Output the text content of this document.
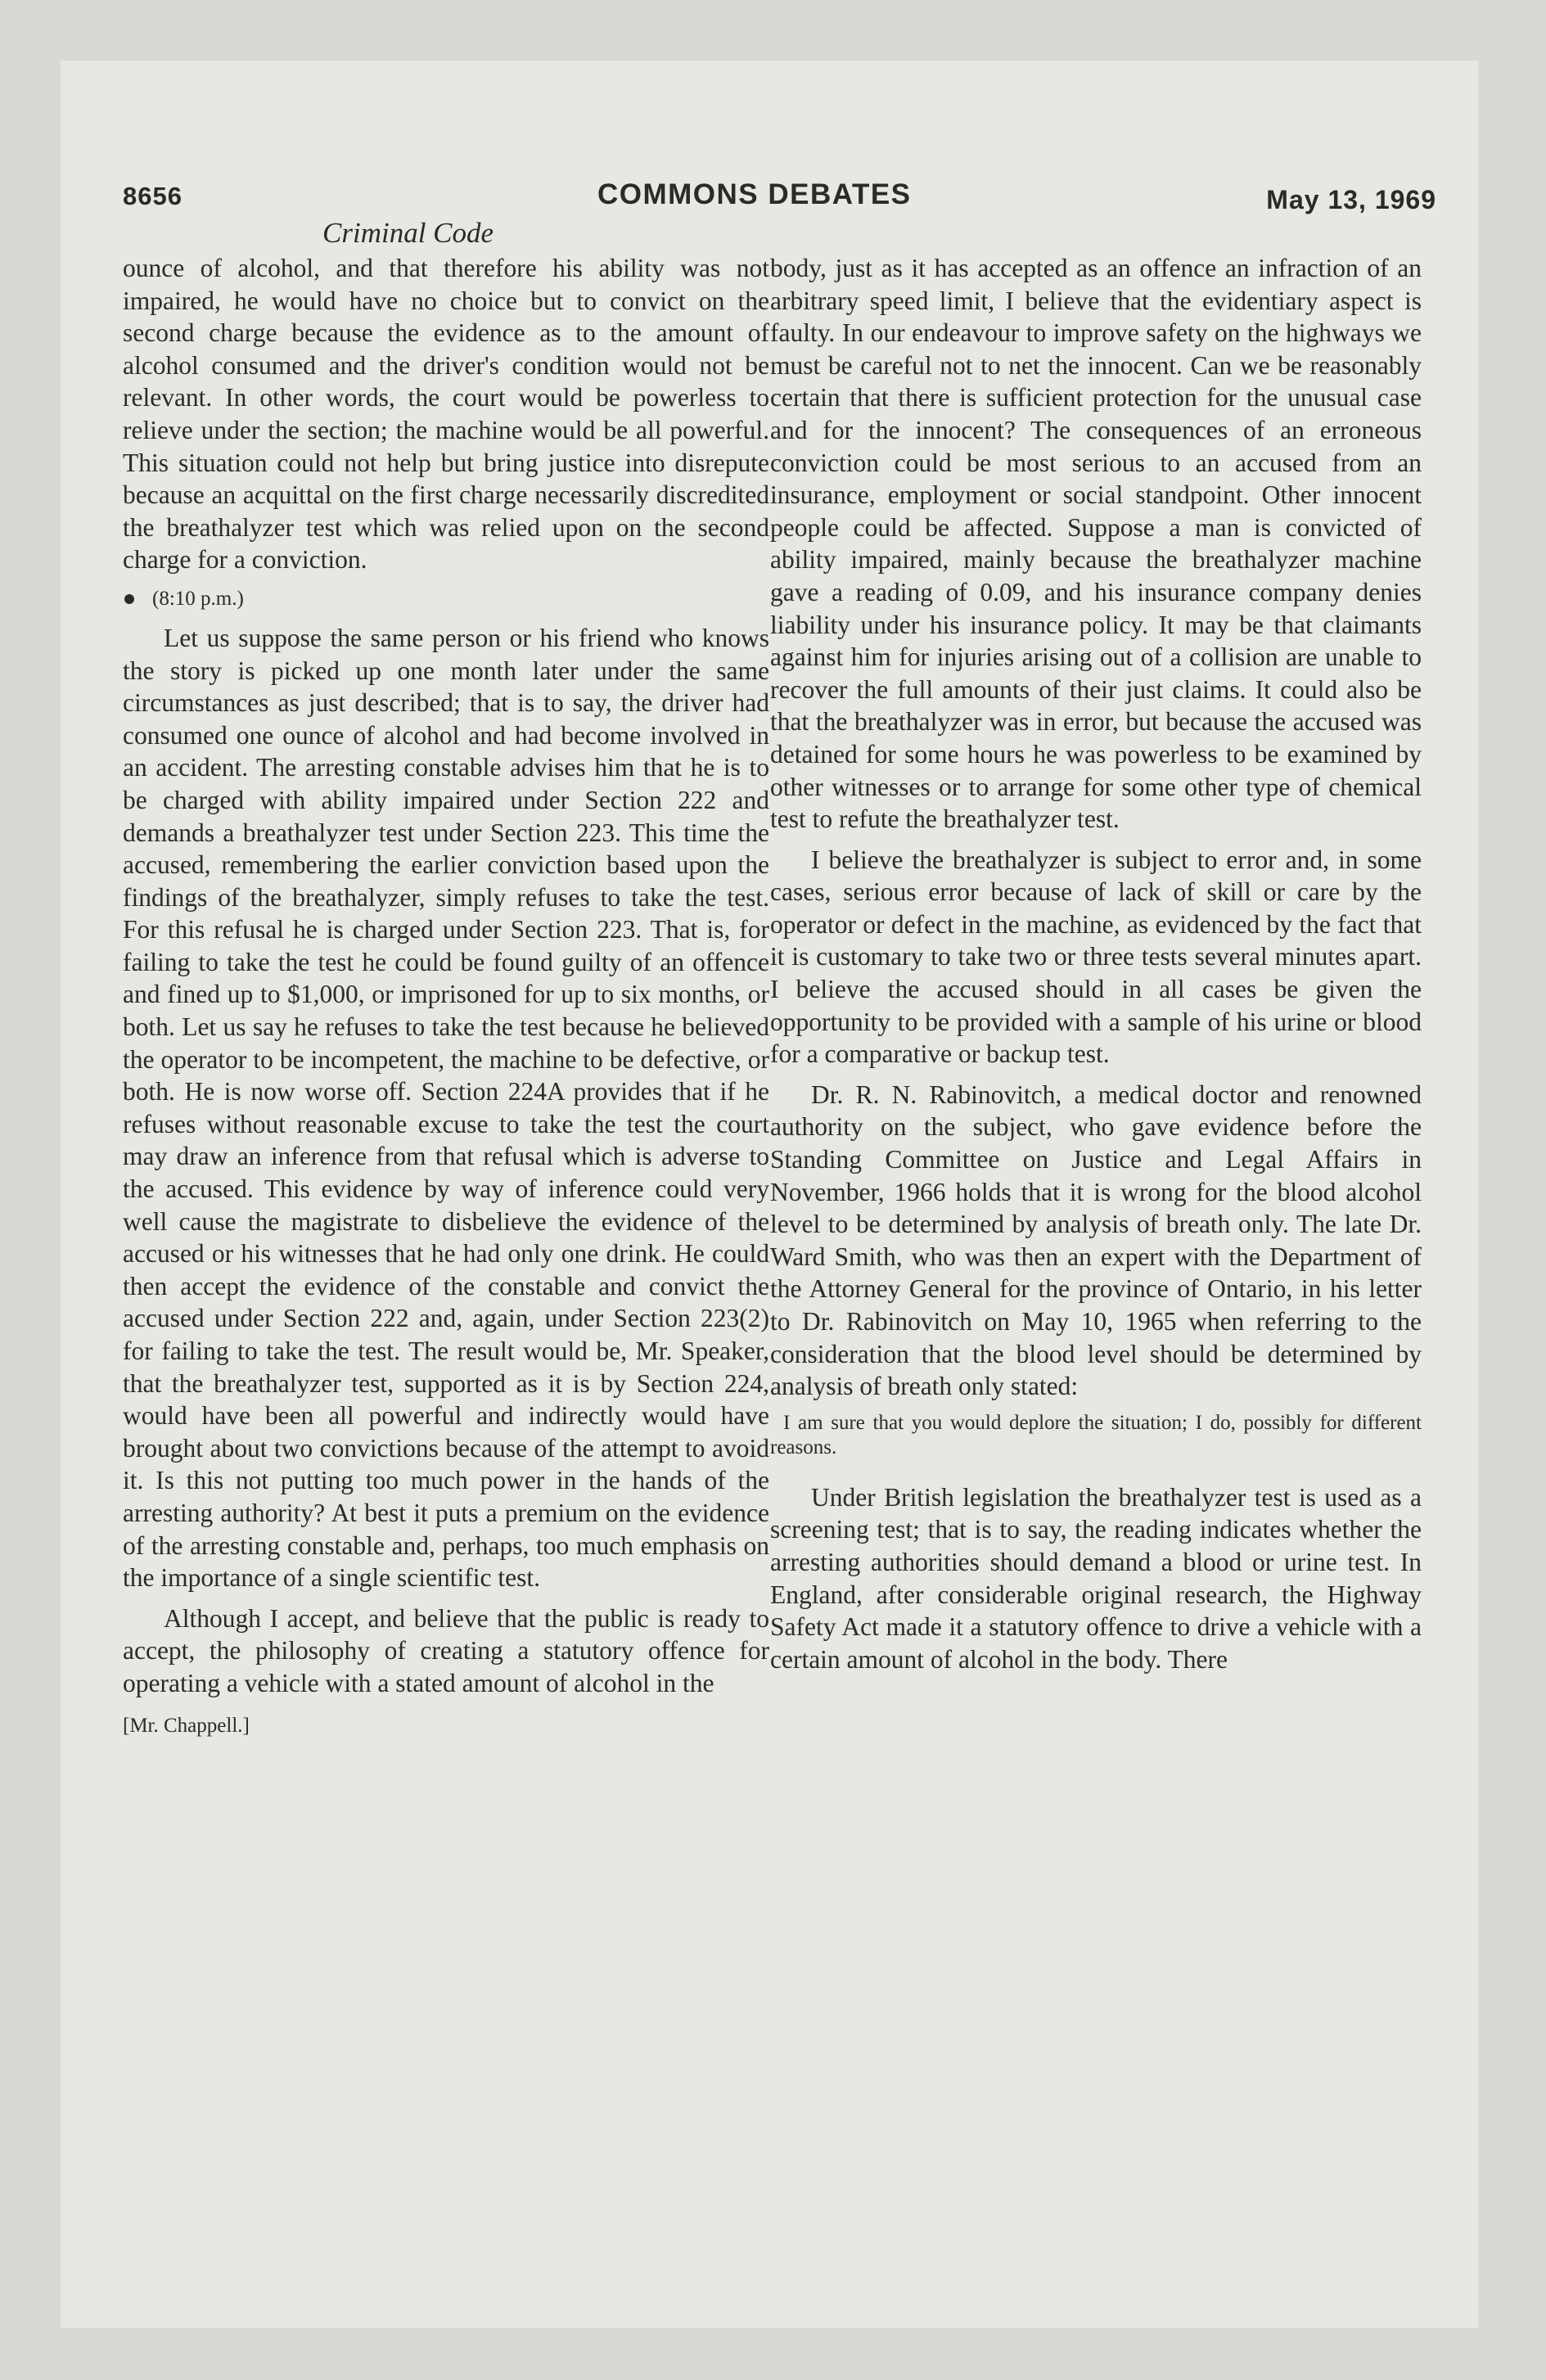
8656	COMMONS DEBATES	May 13, 1969
Criminal Code

ounce of alcohol, and that therefore his ability was not impaired, he would have no choice but to convict on the second charge because the evidence as to the amount of alcohol consumed and the driver's condition would not be relevant. In other words, the court would be powerless to relieve under the section; the machine would be all powerful. This situation could not help but bring justice into disrepute because an acquittal on the first charge necessarily discredited the breathalyzer test which was relied upon on the second charge for a conviction.

(8:10 p.m.)

Let us suppose the same person or his friend who knows the story is picked up one month later under the same circumstances as just described; that is to say, the driver had consumed one ounce of alcohol and had become involved in an accident. The arresting constable advises him that he is to be charged with ability impaired under Section 222 and demands a breathalyzer test under Section 223. This time the accused, remembering the earlier conviction based upon the findings of the breathalyzer, simply refuses to take the test. For this refusal he is charged under Section 223. That is, for failing to take the test he could be found guilty of an offence and fined up to $1,000, or imprisoned for up to six months, or both. Let us say he refuses to take the test because he believed the operator to be incompetent, the machine to be defective, or both. He is now worse off. Section 224A provides that if he refuses without reasonable excuse to take the test the court may draw an inference from that refusal which is adverse to the accused. This evidence by way of inference could very well cause the magistrate to disbelieve the evidence of the accused or his witnesses that he had only one drink. He could then accept the evidence of the constable and convict the accused under Section 222 and, again, under Section 223(2) for failing to take the test. The result would be, Mr. Speaker, that the breathalyzer test, supported as it is by Section 224, would have been all powerful and indirectly would have brought about two convictions because of the attempt to avoid it. Is this not putting too much power in the hands of the arresting authority? At best it puts a premium on the evidence of the arresting constable and, perhaps, too much emphasis on the importance of a single scientific test.

Although I accept, and believe that the public is ready to accept, the philosophy of creating a statutory offence for operating a vehicle with a stated amount of alcohol in the

[Mr. Chappell.]

body, just as it has accepted as an offence an infraction of an arbitrary speed limit, I believe that the evidentiary aspect is faulty. In our endeavour to improve safety on the highways we must be careful not to net the innocent. Can we be reasonably certain that there is sufficient protection for the unusual case and for the innocent? The consequences of an erroneous conviction could be most serious to an accused from an insurance, employment or social standpoint. Other innocent people could be affected. Suppose a man is convicted of ability impaired, mainly because the breathalyzer machine gave a reading of 0.09, and his insurance company denies liability under his insurance policy. It may be that claimants against him for injuries arising out of a collision are unable to recover the full amounts of their just claims. It could also be that the breathalyzer was in error, but because the accused was detained for some hours he was powerless to be examined by other witnesses or to arrange for some other type of chemical test to refute the breathalyzer test.

I believe the breathalyzer is subject to error and, in some cases, serious error because of lack of skill or care by the operator or defect in the machine, as evidenced by the fact that it is customary to take two or three tests several minutes apart. I believe the accused should in all cases be given the opportunity to be provided with a sample of his urine or blood for a comparative or backup test.

Dr. R. N. Rabinovitch, a medical doctor and renowned authority on the subject, who gave evidence before the Standing Committee on Justice and Legal Affairs in November, 1966 holds that it is wrong for the blood alcohol level to be determined by analysis of breath only. The late Dr. Ward Smith, who was then an expert with the Department of the Attorney General for the province of Ontario, in his letter to Dr. Rabinovitch on May 10, 1965 when referring to the consideration that the blood level should be determined by analysis of breath only stated:

I am sure that you would deplore the situation; I do, possibly for different reasons.

Under British legislation the breathalyzer test is used as a screening test; that is to say, the reading indicates whether the arresting authorities should demand a blood or urine test. In England, after considerable original research, the Highway Safety Act made it a statutory offence to drive a vehicle with a certain amount of alcohol in the body. There
